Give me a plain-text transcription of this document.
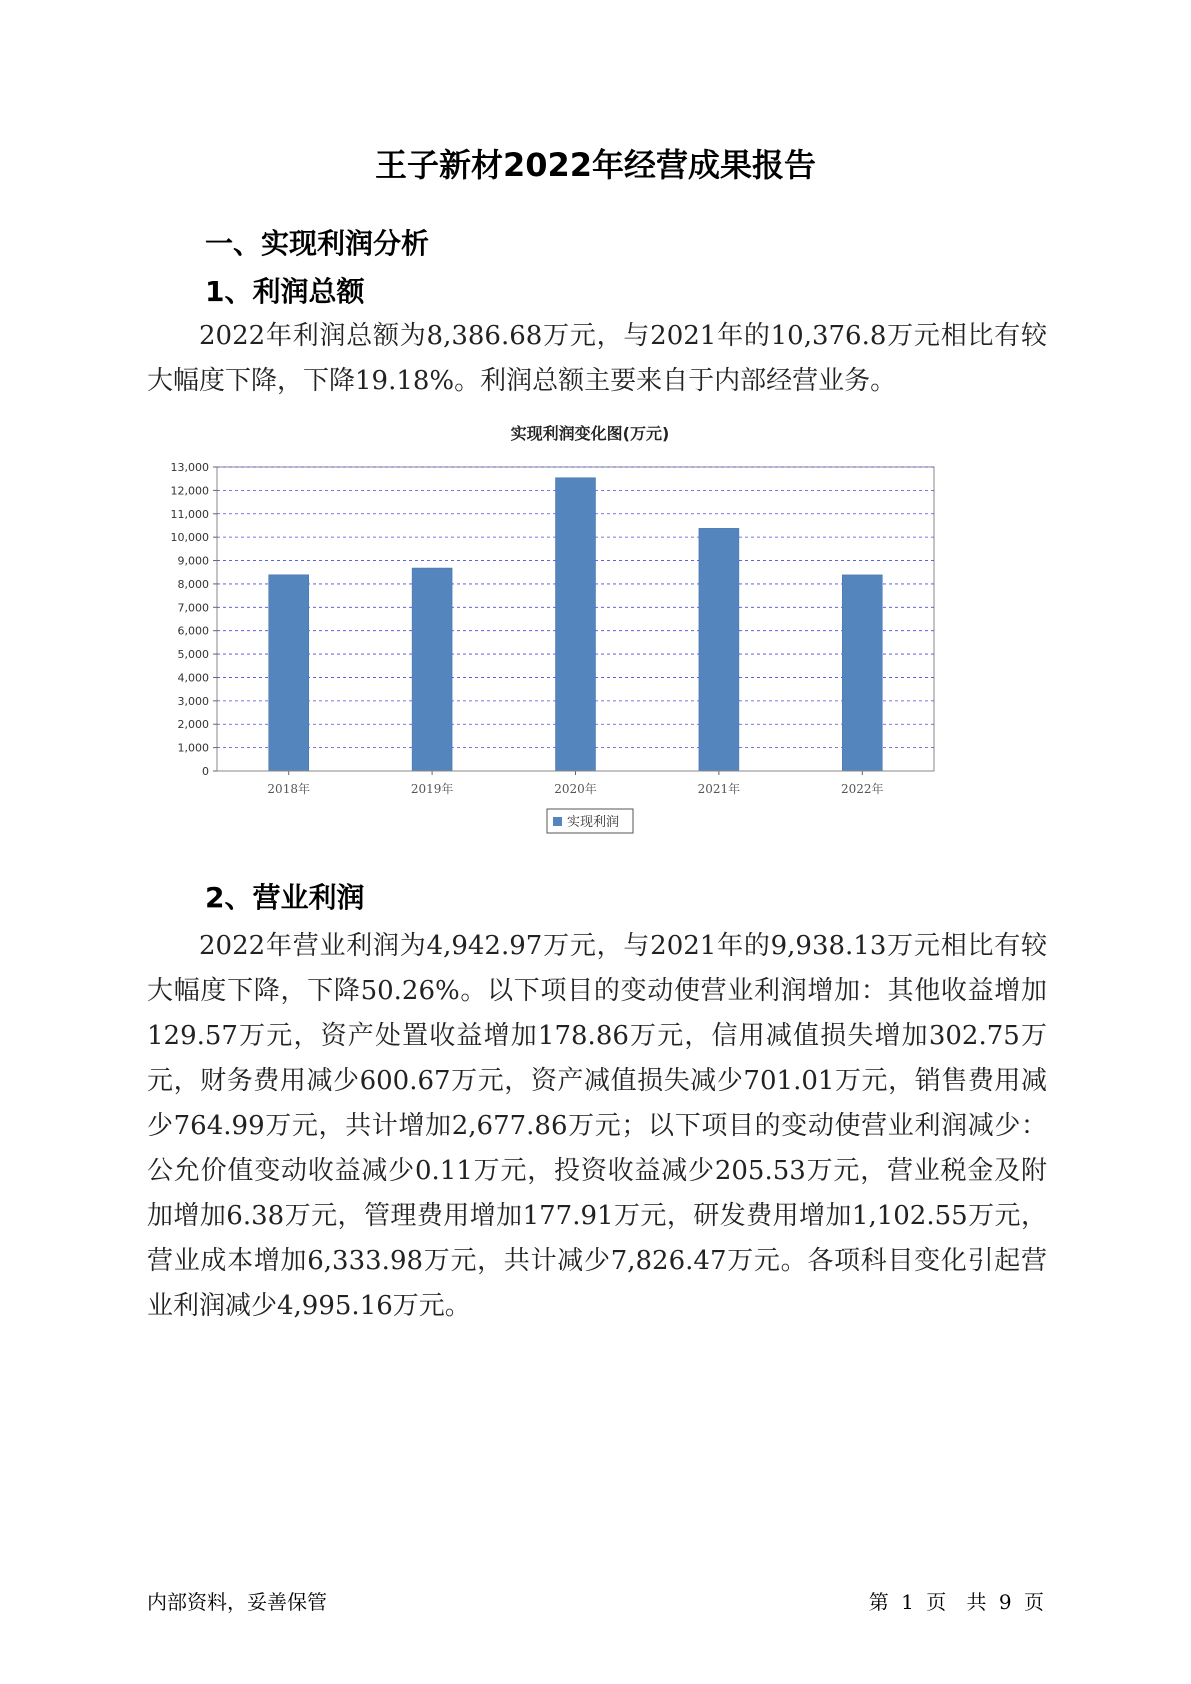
王子新材2022年经营成果报告
一、实现利润分析
1、利润总额
2022年利润总额为8,386.68万元，与2021年的10,376.8万元相比有较大幅度下降，下降19.18%。利润总额主要来自于内部经营业务。
实现利润变化图(万元)
0
1,000
2,000
3,000
4,000
5,000
6,000
7,000
8,000
9,000
10,000
11,000
12,000
13,000
2018年	2019年	2020年	2021年	2022年
实现利润
2、营业利润
2022年营业利润为4,942.97万元，与2021年的9,938.13万元相比有较大幅度下降，下降50.26%。以下项目的变动使营业利润增加：其他收益增加129.57万元，资产处置收益增加178.86万元，信用减值损失增加302.75万元，财务费用减少600.67万元，资产减值损失减少701.01万元，销售费用减少764.99万元，共计增加2,677.86万元；以下项目的变动使营业利润减少：公允价值变动收益减少0.11万元，投资收益减少205.53万元，营业税金及附加增加6.38万元，管理费用增加177.91万元，研发费用增加1,102.55万元，营业成本增加6,333.98万元，共计减少7,826.47万元。各项科目变化引起营业利润减少4,995.16万元。
内部资料，妥善保管	第 1 页 共 9 页
